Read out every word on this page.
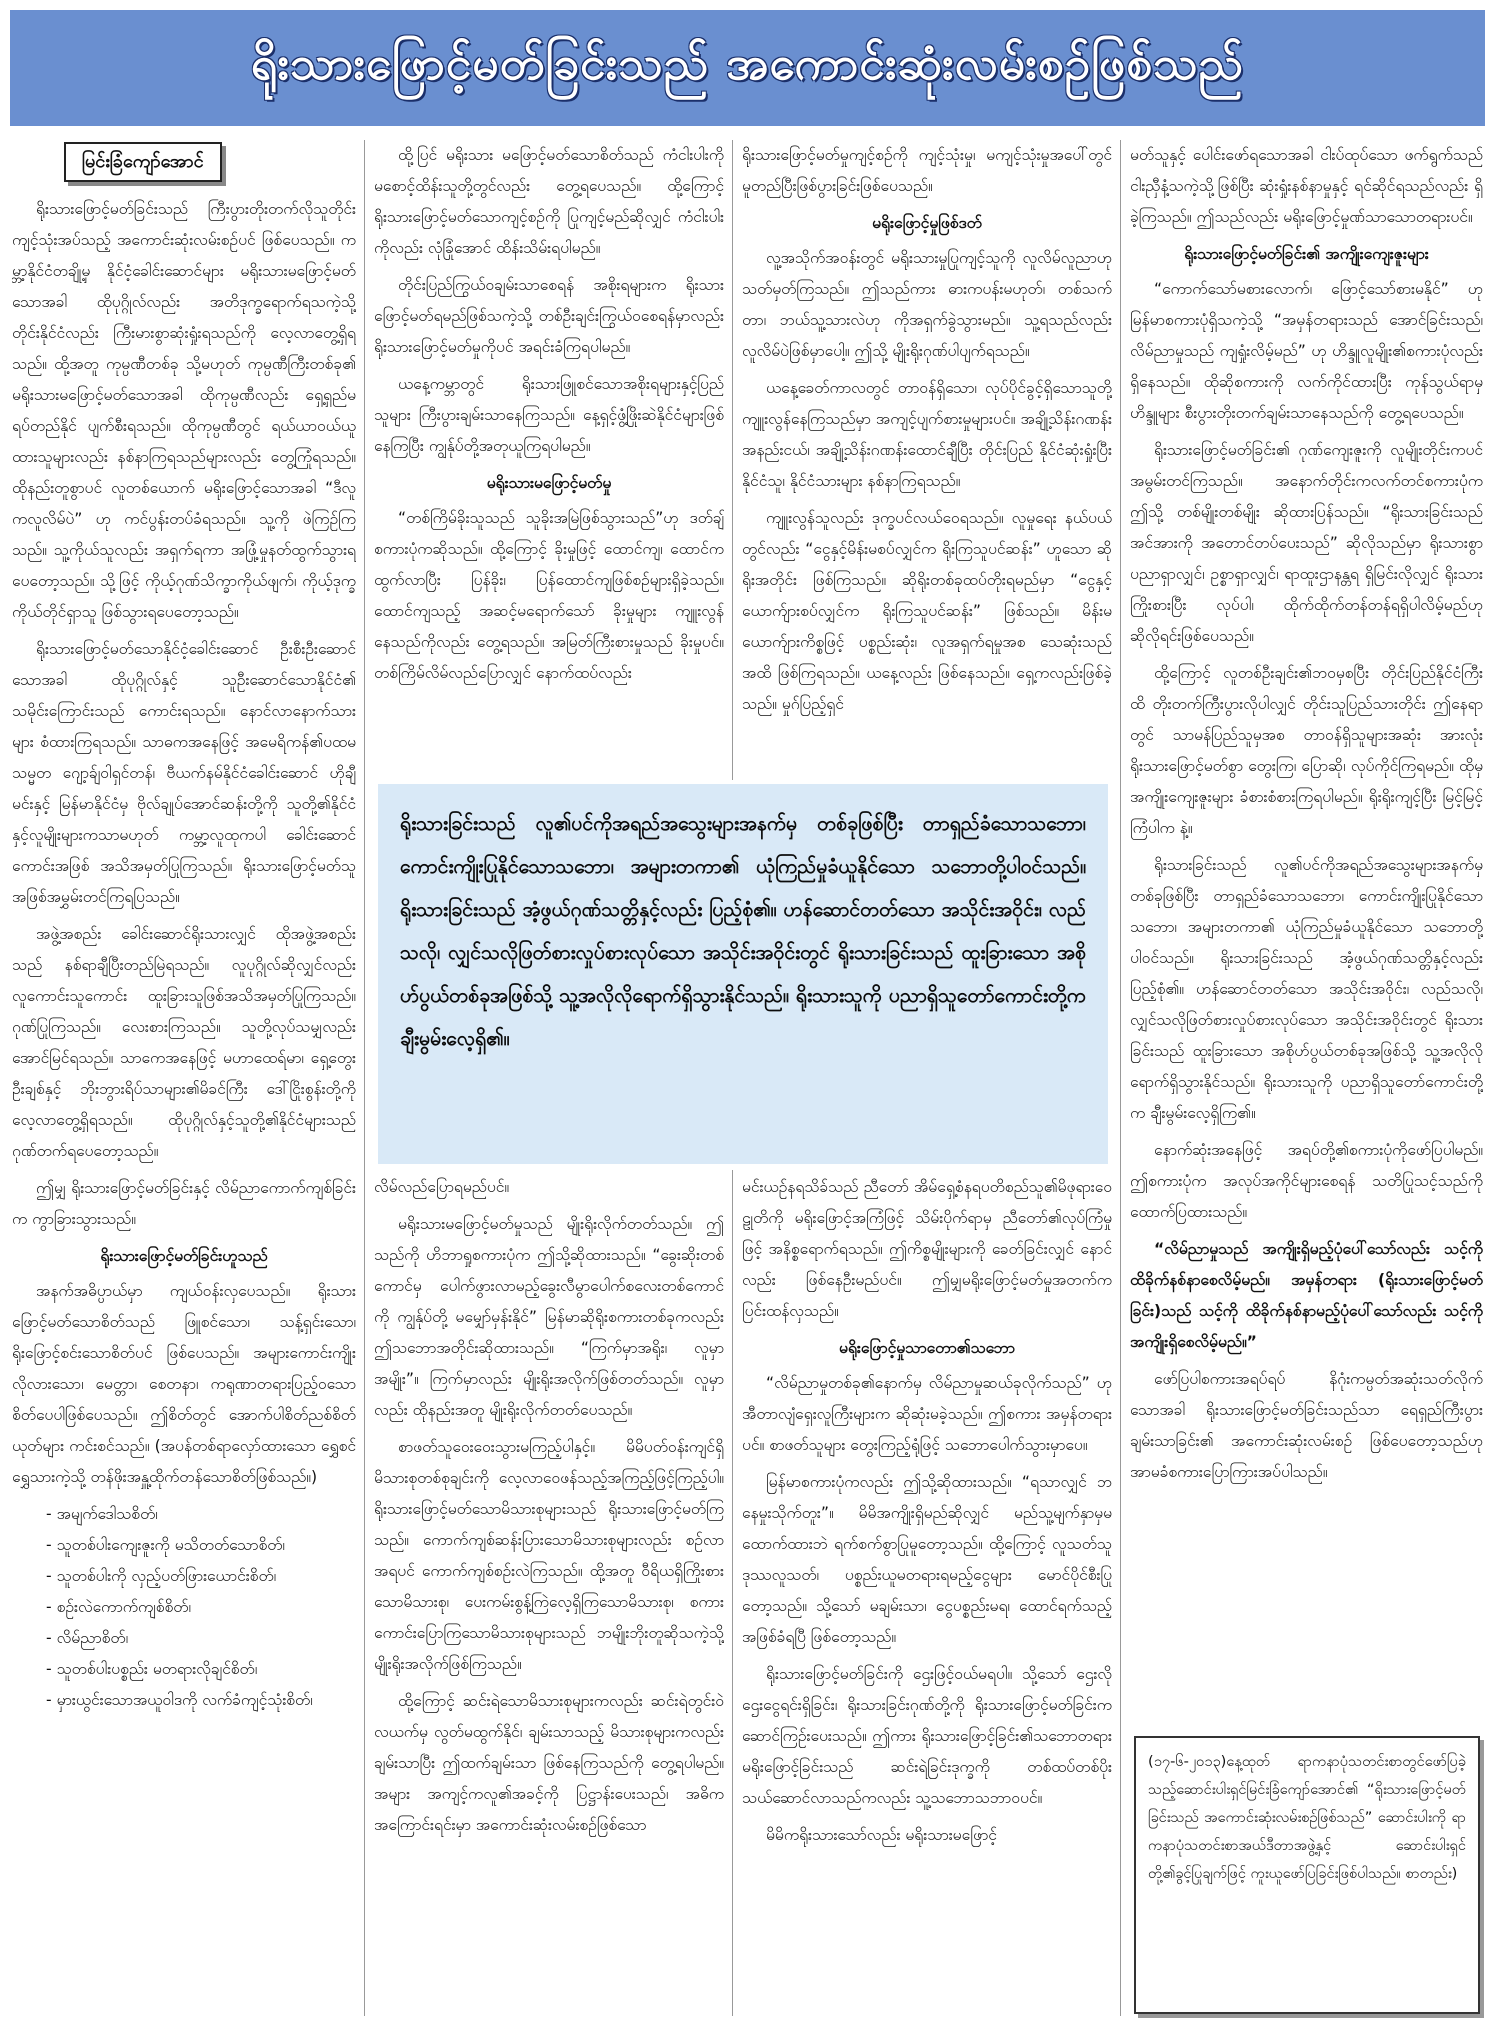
ရိုးသားဖြောင့်မတ်ခြင်းသည် အကောင်းဆုံးလမ်းစဉ်ဖြစ်သည်
မြင်းခြံကျော်အောင်

ရိုးသားဖြောင့်မတ်ခြင်းသည် ကြီးပွားတိုးတက်လိုသူတိုင်း ကျင့်သုံးအပ်သည့် အကောင်းဆုံးလမ်းစဉ်ပင် ဖြစ်ပေသည်။ ကမ္ဘာ့နိုင်ငံတချို့မှ နိုင်ငံ့ခေါင်းဆောင်များ မရိုးသားမဖြောင့်မတ်သောအခါ ထိုပုဂ္ဂိုလ်လည်း အတိဒုက္ခရောက်ရသကဲ့သို့ တိုင်းနိုင်ငံလည်း ကြီးမားစွာဆုံးရှုံးရသည်ကို လေ့လာတွေ့ရှိရသည်။ ထို့အတူ ကုမ္ပဏီတစ်ခု သို့မဟုတ် ကုမ္ပဏီကြီးတစ်ခု၏ မရိုးသားမဖြောင့်မတ်သောအခါ ထိုကုမ္ပဏီလည်း ရှေ့ရှည်မရပ်တည်နိုင် ပျက်စီးရသည်။ ထိုကုမ္ပဏီတွင် ရယ်ယာဝယ်ယူထားသူများလည်း နစ်နာကြရသည်များလည်း တွေ့ကြုံရသည်။ ထိုနည်းတူစွာပင် လူတစ်ယောက် မရိုးဖြောင့်သောအခါ “ဒီလူကလူလိမ်ပဲ” ဟု ကင်ပွန်းတပ်ခံရသည်။ သူ့ကို ဖဲကြဉ်ကြသည်။ သူ့ကိုယ်သူလည်း အရှက်ရကာ အဖြုံ့မှုနတ်ထွက်သွားရပေတော့သည်။ သို့ဖြင့် ကိုယ့်ဂုဏ်သိက္ခာကိုယ်ဖျက်၊ ကိုယ့်ဒုက္ခကိုယ်တိုင်ရှာသူ ဖြစ်သွားရပေတော့သည်။

ရိုးသားဖြောင့်မတ်သောနိုင်ငံ့ခေါင်းဆောင် ဦးစီးဦးဆောင်သောအခါ ထိုပုဂ္ဂိုလ်နှင့် သူဦးဆောင်သောနိုင်ငံ၏ သမိုင်းကြောင်းသည် ကောင်းရသည်။ နောင်လာနောက်သားများ စံထားကြရသည်။ သာဓကအနေဖြင့် အမေရိကန်၏ပထမသမ္မတ ဂျော့ခ်ျဝါရှင်တန်၊ ဗီယက်နမ်နိုင်ငံခေါင်းဆောင် ဟိုချီမင်းနှင့် မြန်မာနိုင်ငံမှ ဗိုလ်ချုပ်အောင်ဆန်းတို့ကို သူတို့၏နိုင်ငံနှင့်လူမျိုးများကသာမဟုတ် ကမ္ဘာ့လူထုကပါ ခေါင်းဆောင်ကောင်းအဖြစ် အသိအမှတ်ပြုကြသည်။ ရိုးသားဖြောင့်မတ်သူအဖြစ်အမွှမ်းတင်ကြရပြသည်။

အဖွဲ့အစည်း ခေါင်းဆောင်ရိုးသားလျှင် ထိုအဖွဲ့အစည်းသည် နစ်ရာချီပြီးတည်မြဲရသည်။ လူပုဂ္ဂိုလ်ဆိုလျှင်လည်း လူကောင်းသူကောင်း ထူးခြားသူဖြစ်အသိအမှတ်ပြုကြသည်။ ဂုဏ်ပြုကြသည်။ လေးစားကြသည်။ သူတို့လုပ်သမျှလည်း အောင်မြင်ရသည်။ သာကေအနေဖြင့် မဟာထေရ်မာ၊ ရှေ့တွေးဦးချစ်နှင့် ဘိုးဘွားရိပ်သာများ၏မိခင်ကြီး ဒေါ်ငြိုးစွန်းတို့ကို လေ့လာတွေ့ရှိရသည်။ ထိုပုဂ္ဂိုလ်နှင့်သူတို့၏နိုင်ငံများသည် ဂုဏ်တက်ရပေတော့သည်။

ဤမျှ ရိုးသားဖြောင့်မတ်ခြင်းနှင့် လိမ်ညာကောက်ကျစ်ခြင်းက ကွာခြားသွားသည်။

ရိုးသားဖြောင့်မတ်ခြင်းဟူသည်

အနက်အဓိပ္ပာယ်မှာ ကျယ်ဝန်းလှပေသည်။ ရိုးသားဖြောင့်မတ်သောစိတ်သည် ဖြူစင်သော၊ သန့်ရှင်းသော၊ ရိုးဖြောင့်စင်းသောစိတ်ပင် ဖြစ်ပေသည်။ အများကောင်းကျိုးလိုလားသော၊ မေတ္တာ၊ စေတနာ၊ ကရုဏာတရားပြည့်ဝသော စိတ်ပေပါဖြစ်ပေသည်။ ဤစိတ်တွင် အောက်ပါစိတ်ညစ်စိတ်ယုတ်များ ကင်းစင်သည်။ (အပန်တစ်ရာလှော်ထားသော ရွှေစင်ရွှေသားကဲ့သို့ တန်ဖိုးအနှူ့ထိုက်တန်သောစိတ်ဖြစ်သည်။)

- အမျက်ဒေါသစိတ်၊
- သူတစ်ပါးကျေးဇူးကို မသိတတ်သောစိတ်၊
- သူတစ်ပါးကို လှည့်ပတ်ဖြားယောင်းစိတ်၊
- စဉ်းလဲကောက်ကျစ်စိတ်၊
- လိမ်ညာစိတ်၊
- သူတစ်ပါးပစ္စည်း မတရားလိုချင်စိတ်၊
- မှားယွင်းသောအယူဝါဒကို လက်ခံကျင့်သုံးစိတ်၊

ထို့ပြင် မရိုးသား မဖြောင့်မတ်သောစိတ်သည် ကံငါးပါးကို မစောင့်ထိန်းသူတို့တွင်လည်း တွေ့ရပေသည်။ ထို့ကြောင့် ရိုးသားဖြောင့်မတ်သောကျင့်စဉ်ကို ပြုကျင့်မည်ဆိုလျှင် ကံငါးပါးကိုလည်း လုံခြုံအောင် ထိန်းသိမ်းရပါမည်။

တိုင်းပြည်ကြွယ်ဝချမ်းသာစေရန် အစိုးရများက ရိုးသားဖြောင့်မတ်ရမည်ဖြစ်သကဲ့သို့ တစ်ဦးချင်းကြွယ်ဝစေရန်မှာလည်း ရိုးသားဖြောင့်မတ်မှုကိုပင် အရင်းခံကြရပါမည်။

ယနေ့ကမ္ဘာတွင် ရိုးသားဖြူစင်သောအစိုးရများနှင့်ပြည်သူများ ကြီးပွားချမ်းသာနေကြသည်။ နေ့ရှင့်ဖွံ့ဖြိုးဆဲနိုင်ငံများဖြစ်နေကြပြီး ကျွန်ုပ်တို့အတုယူကြရပါမည်။

မရိုးသားမဖြောင့်မတ်မှု

“တစ်ကြိမ်ခိုးသူသည် သူခိုးအမြဲဖြစ်သွားသည်”ဟု ဒတ်ချ်စကားပုံကဆိုသည်။ ထို့ကြောင့် ခိုးမှုဖြင့် ထောင်ကျ၊ ထောင်ကထွက်လာပြီး ပြန်ခိုး၊ ပြန်ထောင်ကျဖြစ်စဉ်များရှိခဲ့သည်။ ထောင်ကျသည့် အဆင့်မရောက်သော် ခိုးမှုများ ကျူးလွန်နေသည်ကိုလည်း တွေ့ရသည်။ အမြတ်ကြီးစားမှုသည် ခိုးမှုပင်။ တစ်ကြိမ်လိမ်လည်ပြောလျှင် နောက်ထပ်လည်း

ရိုးသားဖြောင့်မတ်မှုကျင့်စဉ်ကို ကျင့်သုံးမှု၊ မကျင့်သုံးမှုအပေါ်တွင် မူတည်ပြီးဖြစ်ပွားခြင်းဖြစ်ပေသည်။

မရိုးဖြောင့်မှုဖြစ်ဒတ်

လူ့အသိုက်အဝန်းတွင် မရိုးသားမှုပြုကျင့်သူကို လူလိမ်လူညာဟု သတ်မှတ်ကြသည်။ ဤသည်ကား ဓားကပန်းမဟုတ်၊ တစ်သက်တာ၊ ဘယ်သူ့သားလဲဟု ကိုအရှက်ခွဲသွားမည်။ သူ့ရသည်လည်း လူလိမ်ပဲဖြစ်မှာပေါ့။ ဤသို့ မျိုးရိုးဂုဏ်ပါပျက်ရသည်။

ယနေ့ခေတ်ကာလတွင် တာဝန်ရှိသော၊ လုပ်ပိုင်ခွင့်ရှိသောသူတို့ ကျူးလွန်နေကြသည်မှာ အကျင့်ပျက်စားမှုများပင်။ အချို့သိန်းဂဏန်းအနည်းငယ်၊ အချို့သိန်းဂဏန်းထောင်ချီပြီး တိုင်းပြည် နိုင်ငံဆုံးရှုံးပြီး နိုင်ငံသူ၊ နိုင်ငံသားများ နစ်နာကြရသည်။

ကျူးလွန်သူလည်း ဒုက္ခပင်လယ်ဝေရသည်။ လူမှုရေး နယ်ပယ်တွင်လည်း “ငွေနှင့်မိန်းမစပ်လျှင်က ရိုးကြသူပင်ဆန်း” ဟူသော ဆိုရိုးအတိုင်း ဖြစ်ကြသည်။ ဆိုရိုးတစ်ခုထပ်တိုးရမည်မှာ “ငွေနှင့်ယောက်ျားစပ်လျှင်က ရိုးကြသူပင်ဆန်း” ဖြစ်သည်။ မိန်းမယောက်ျားကိစ္စဖြင့် ပစ္စည်းဆုံး၊ လူအရှက်ရမှုအစ သေဆုံးသည်အထိ ဖြစ်ကြရသည်။ ယနေ့လည်း ဖြစ်နေသည်။ ရှေ့ကလည်းဖြစ်ခဲ့သည်။ မှုဂ်ပြည့်ရှင်

ရိုးသားခြင်းသည် လူ၏ပင်ကိုအရည်အသွေးများအနက်မှ တစ်ခုဖြစ်ပြီး တာရှည်ခံသောသဘော၊ ကောင်းကျိုးပြုနိုင်သောသဘော၊ အများတကာ၏ ယုံကြည်မှုခံယူနိုင်သော သဘောတို့ပါဝင်သည်။ ရိုးသားခြင်းသည် အံ့ဖွယ်ဂုဏ်သတ္တိနှင့်လည်း ပြည့်စုံ၏။ ဟန်ဆောင်တတ်သော အသိုင်းအဝိုင်း၊ လည်သလို၊ လျှင်သလိုဖြတ်စားလှုပ်စားလုပ်သော အသိုင်းအဝိုင်းတွင် ရိုးသားခြင်းသည် ထူးခြားသော အစိုဟ်ပွယ်တစ်ခုအဖြစ်သို့ သူ့အလိုလိုရောက်ရှိသွားနိုင်သည်။ ရိုးသားသူကို ပညာရှိသူတော်ကောင်းတို့က ချီးမွမ်းလေ့ရှိ၏။

လိမ်လည်ပြောရမည်ပင်။

မရိုးသားမဖြောင့်မတ်မှုသည် မျိုးရိုးလိုက်တတ်သည်။ ဤသည်ကို ဟိဘာရှုစကားပုံက ဤသို့ဆိုထားသည်။ “ခွေးဆိုးတစ်ကောင်မှ ပေါက်ဖွားလာမည့်ခွေးလီမွာပေါက်စလေးတစ်ကောင်ကို ကျွန်ုပ်တို့ မမျှော်မှန်းနိုင်” မြန်မာဆိုရိုးစကားတစ်ခုကလည်း ဤသဘောအတိုင်းဆိုထားသည်။ “ကြက်မှာအရိုး၊ လူမှာအမျိုး”။ ကြက်မှာလည်း မျိုးရိုးအလိုက်ဖြစ်တတ်သည်။ လူမှာလည်း ထိုနည်းအတူ မျိုးရိုးလိုက်တတ်ပေသည်။

စာဖတ်သူဝေးဝေးသွားမကြည့်ပါနှင့်။ မိမိပတ်ဝန်းကျင်ရှိ မိသားစုတစ်စုချင်းကို လေ့လာဝေဖန်သည့်အကြည့်ဖြင့်ကြည့်ပါ။ ရိုးသားဖြောင့်မတ်သောမိသားစုများသည် ရိုးသားဖြောင့်မတ်ကြသည်။ ကောက်ကျစ်ဆန်းပြားသောမိသားစုများလည်း စဉ်လာအရပင် ကောက်ကျစ်စဉ်းလဲကြသည်။ ထို့အတူ ဝီရိယရှိကြိုးစားသောမိသားစု၊ ပေးကမ်းစွန့်ကြဲလေ့ရှိကြသောမိသားစု၊ စကားကောင်းပြောကြသောမိသားစုများသည် ဘမျိုးဘိုးတူဆိုသကဲ့သို့ မျိုးရိုးအလိုက်ဖြစ်ကြသည်။

ထို့ကြောင့် ဆင်းရဲသောမိသားစုများကလည်း ဆင်းရဲတွင်းဝဲလယက်မှ လွတ်မထွက်နိုင်၊ ချမ်းသာသည့် မိသားစုများကလည်း ချမ်းသာပြီး ဤထက်ချမ်းသာ ဖြစ်နေကြသည်ကို တွေ့ရပါမည်။ အများ အကျင့်ကလူ၏အခင့်ကို ပြဋ္ဌာန်းပေးသည်၊ အဓိကအကြောင်းရင်းမှာ အကောင်းဆုံးလမ်းစဉ်ဖြစ်သော

မင်းယဉ်နရသိခ်သည် ညီတော် အိမ်ရှေ့စံနရပတိစည်သူ၏မိဖုရားဝေဠုတိကို မရိုးဖြောင့်အကြံဖြင့် သိမ်းပိုက်ရာမှ ညီတော်၏လုပ်ကြံမှုဖြင့် အနိစ္စရောက်ရသည်။ ဤကိစ္စမျိုးများကို ခေတ်ခြင်းလျှင် နောင်လည်း ဖြစ်နေဦးမည်ပင်။ ဤမျှမရိုးဖြောင့်မတ်မှုအတက်က ပြင်းထန်လှသည်။

မရိုးဖြောင့်မှုသာတော၏သဘော

“လိမ်ညာမှုတစ်ခု၏နောက်မှ လိမ်ညာမှုဆယ်ခုလိုက်သည်” ဟု အီတာလျံရှေးလူကြီးများက ဆိုဆုံးမခဲ့သည်။ ဤစကား အမှန်တရားပင်။ စာဖတ်သူများ တွေးကြည့်ရုံဖြင့် သဘောပေါက်သွားမှာပေ။

မြန်မာစကားပုံကလည်း ဤသို့ဆိုထားသည်။ “ရသာလျှင် ဘနေမှုးသိုက်တူး”။ မိမိအကျိုးရှိမည်ဆိုလျှင် မည်သူ့မျက်နှာမှမထောက်ထားဘဲ ရက်စက်စွာပြုမူတော့သည်။ ထို့ကြောင့် လူသတ်သူဒုဿလူသတ်၊ ပစ္စည်းယူမတရားရမည့်ငွေများ မောင်ပိုင်စီးပြုတော့သည်။ သို့သော် မချမ်းသာ၊ ငွေပစ္စည်းမရ၊ ထောင်ရက်သည့်အဖြစ်ခံရပြီ ဖြစ်တော့သည်။

ရိုးသားဖြောင့်မတ်ခြင်းကို ဌေးဖြင့်ဝယ်မရပါ။ သို့သော် ဌေးလိုဌေးငွေရင်းရှိခြင်း၊ ရိုးသားခြင်းဂုဏ်တို့ကို ရိုးသားဖြောင့်မတ်ခြင်းက ဆောင်ကြဉ်းပေးသည်။ ဤကား ရိုးသားဖြောင့်ခြင်း၏သဘောတရားမရိုးဖြောင့်ခြင်းသည် ဆင်းရဲခြင်းဒုက္ခကို တစ်ထပ်တစ်ပိုး သယ်ဆောင်လာသည်ကလည်း သူ့သဘောသဘာဝပင်။

မိမိကရိုးသားသော်လည်း မရိုးသားမဖြောင့်

မတ်သူနှင့် ပေါင်းဖော်ရသောအခါ ငါးပ်ထုပ်သော ဖက်ရွက်သည် ငါးညှီနံ့သကဲ့သို့ဖြစ်ပြီး ဆုံးရှုံးနစ်နာမှုနှင့် ရင်ဆိုင်ရသည်လည်း ရှိခဲ့ကြသည်။ ဤသည်လည်း မရိုးဖြောင့်မှုဏ်သာသောတရားပင်။

ရိုးသားဖြောင့်မတ်ခြင်း၏ အကျိုးကျေးဇူးများ

“ကောက်သော်မစားလောက်၊ ဖြောင့်သော်စားမနိုင်” ဟု မြန်မာစကားပုံရှိသကဲ့သို့ “အမှန်တရားသည် အောင်ခြင်းသည်၊ လိမ်ညာမှုသည် ကျရှုံးလိမ့်မည်” ဟု ဟိန္ဒူလူမျိုး၏စကားပုံလည်း ရှိနေသည်။ ထိုဆိုစကားကို လက်ကိုင်ထားပြီး ကုန်သွယ်ရာမှ ဟိန္ဒူများ စီးပွားတိုးတက်ချမ်းသာနေသည်ကို တွေ့ရပေသည်။

ရိုးသားဖြောင့်မတ်ခြင်း၏ ဂုဏ်ကျေးဇူးကို လူမျိုးတိုင်းကပင် အမွမ်းတင်ကြသည်။ အနောက်တိုင်းကလက်တင်စကားပုံက ဤသို့ တစ်မျိုးတစ်မျိုး ဆိုထားပြန်သည်။ “ရိုးသားခြင်းသည် အင်အားကို အတောင်တပ်ပေးသည်” ဆိုလိုသည်မှာ ရိုးသားစွာပညာရှာလျှင်၊ ဥစ္စာရှာလျှင်၊ ရာထူးဌာနန္တရ ရှိမြင်းလိုလျှင် ရိုးသားကြိုးစားပြီး လုပ်ပါ၊ ထိုက်ထိုက်တန်တန်ရရှိပါလိမ့်မည်ဟု ဆိုလိုရင်းဖြစ်ပေသည်။

ထို့ကြောင့် လူတစ်ဦးချင်း၏ဘဝမှစပြီး တိုင်းပြည်နိုင်ငံကြီးထိ တိုးတက်ကြီးပွားလိုပါလျှင် တိုင်းသူပြည်သားတိုင်း ဤနေရာတွင် သာမန်ပြည်သူမှအစ တာဝန်ရှိသူများအဆုံး အားလုံး ရိုးသားဖြောင့်မတ်စွာ တွေးကြ၊ ပြောဆို၊ လုပ်ကိုင်ကြရမည်။ ထိုမှ အကျိုးကျေးဇူးများ ခံစားစံစားကြရပါမည်။ ရိုးရိုးကျင့်ပြီး မြင့်မြင့်ကြံပါက နဲ့။

ရိုးသားခြင်းသည် လူ၏ပင်ကိုအရည်အသွေးများအနက်မှ တစ်ခုဖြစ်ပြီး တာရှည်ခံသောသဘော၊ ကောင်းကျိုးပြုနိုင်သောသဘော၊ အများတကာ၏ ယုံကြည်မှုခံယူနိုင်သော သဘောတို့ပါဝင်သည်။ ရိုးသားခြင်းသည် အံ့ဖွယ်ဂုဏ်သတ္တိနှင့်လည်း ပြည့်စုံ၏။ ဟန်ဆောင်တတ်သော အသိုင်းအဝိုင်း၊ လည်သလို၊ လျှင်သလိုဖြတ်စားလှုပ်စားလုပ်သော အသိုင်းအဝိုင်းတွင် ရိုးသားခြင်းသည် ထူးခြားသော အစိုဟ်ပွယ်တစ်ခုအဖြစ်သို့ သူ့အလိုလိုရောက်ရှိသွားနိုင်သည်။ ရိုးသားသူကို ပညာရှိသူတော်ကောင်းတို့က ချီးမွမ်းလေ့ရှိကြ၏။

နောက်ဆုံးအနေဖြင့် အရပ်တို့၏စကားပုံကိုဖော်ပြပါမည်။ ဤစကားပုံက အလုပ်အကိုင်များစေရန် သတိပြုသင့်သည်ကို ထောက်ပြထားသည်။

“လိမ်ညာမှုသည် အကျိုးရှိမည့်ပုံပေါ်သော်လည်း သင့်ကို ထိခိုက်နစ်နာစေလိမ့်မည်။ အမှန်တရား (ရိုးသားဖြောင့်မတ်ခြင်း)သည် သင့်ကို ထိခိုက်နစ်နာမည့်ပုံပေါ်သော်လည်း သင့်ကို အကျိုးရှိစေလိမ့်မည်။”

ဖော်ပြပါစကားအရပ်ရပ် နိဂုံးကမ္ပတ်အဆုံးသတ်လိုက်သောအခါ ရိုးသားဖြောင့်မတ်ခြင်းသည်သာ ရေရှည်ကြီးပွားချမ်းသာခြင်း၏ အကောင်းဆုံးလမ်းစဉ် ဖြစ်ပေတော့သည်ဟု အာမခံစကားပြောကြားအပ်ပါသည်။

(၁၇-၆-၂၀၁၃)နေ့ထုတ် ရာကနာပုံသတင်းစာတွင်ဖော်ပြခဲ့သည့်ဆောင်းပါးရှင်မြင်းခြံကျော်အောင်၏ “ရိုးသားဖြောင့်မတ်ခြင်းသည် အကောင်းဆုံးလမ်းစဉ်ဖြစ်သည်” ဆောင်းပါးကို ရာကနာပုံသတင်းစာအယ်ဒီတာအဖွဲ့နှင့် ဆောင်းပါးရှင်တို့၏ခွင့်ပြုချက်ဖြင့် ကူးယူဖော်ပြခြင်းဖြစ်ပါသည်။ စာတည်း)
